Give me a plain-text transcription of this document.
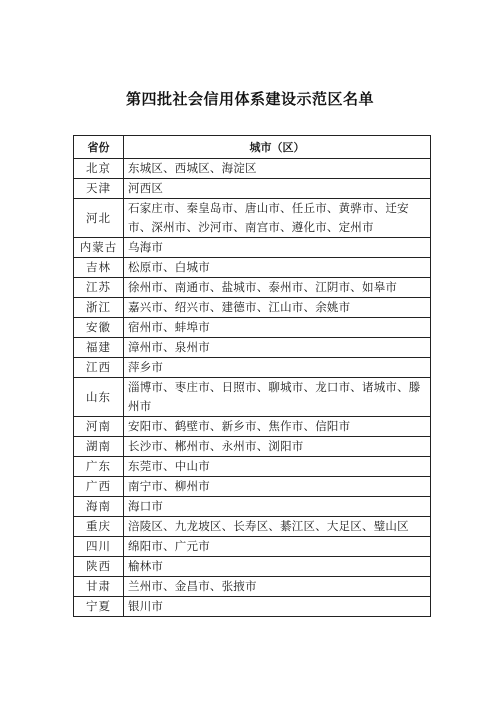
第四批社会信用体系建设示范区名单
省份	城市（区）
北京	东城区、西城区、海淀区
天津	河西区
河北	石家庄市、秦皇岛市、唐山市、任丘市、黄骅市、迁安市、深州市、沙河市、南宫市、遵化市、定州市
内蒙古	乌海市
吉林	松原市、白城市
江苏	徐州市、南通市、盐城市、泰州市、江阴市、如皋市
浙江	嘉兴市、绍兴市、建德市、江山市、余姚市
安徽	宿州市、蚌埠市
福建	漳州市、泉州市
江西	萍乡市
山东	淄博市、枣庄市、日照市、聊城市、龙口市、诸城市、滕州市
河南	安阳市、鹤壁市、新乡市、焦作市、信阳市
湖南	长沙市、郴州市、永州市、浏阳市
广东	东莞市、中山市
广西	南宁市、柳州市
海南	海口市
重庆	涪陵区、九龙坡区、长寿区、綦江区、大足区、璧山区
四川	绵阳市、广元市
陕西	榆林市
甘肃	兰州市、金昌市、张掖市
宁夏	银川市
